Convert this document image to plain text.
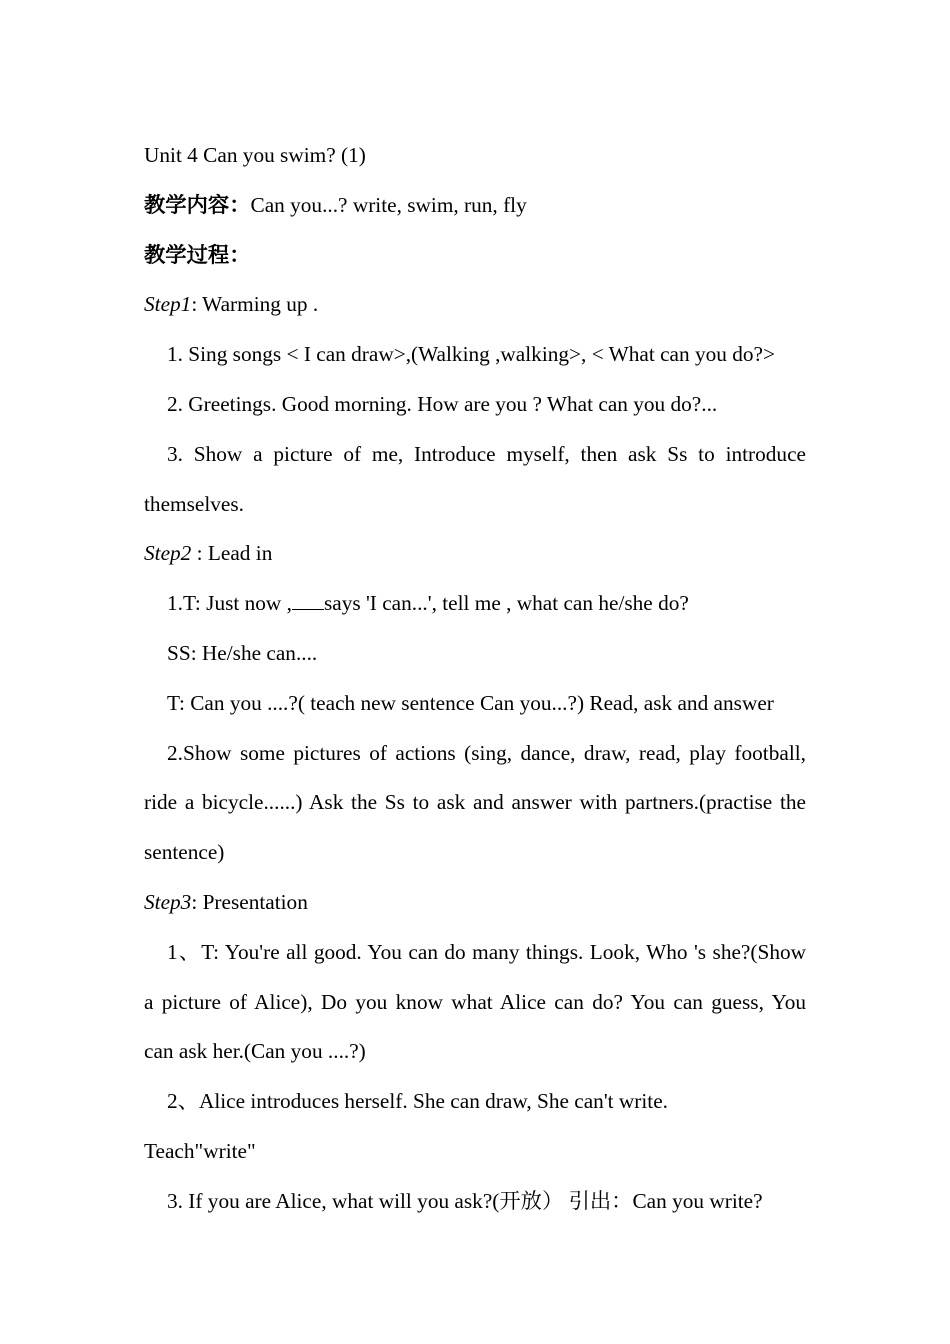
Unit 4 Can you swim? (1)
教学内容：Can you...? write, swim, run, fly
教学过程：
Step1: Warming up .
1. Sing songs < I can draw>,(Walking ,walking>, < What can you do?>
2. Greetings. Good morning. How are you ? What can you do?...
3. Show a picture of me, Introduce myself, then ask Ss to introduce
themselves.
Step2 : Lead in
1.T: Just now , says 'I can...', tell me , what can he/she do?
SS: He/she can....
T: Can you ....?( teach new sentence Can you...?) Read, ask and answer
2.Show some pictures of actions (sing, dance, draw, read, play football,
ride a bicycle......) Ask the Ss to ask and answer with partners.(practise the
sentence)
Step3: Presentation
1、T: You're all good. You can do many things. Look, Who 's she?(Show
a picture of Alice), Do you know what Alice can do? You can guess, You
can ask her.(Can you ....?)
2、Alice introduces herself. She can draw, She can't write.
Teach"write"
3. If you are Alice, what will you ask?(开放） 引出：Can you write?
